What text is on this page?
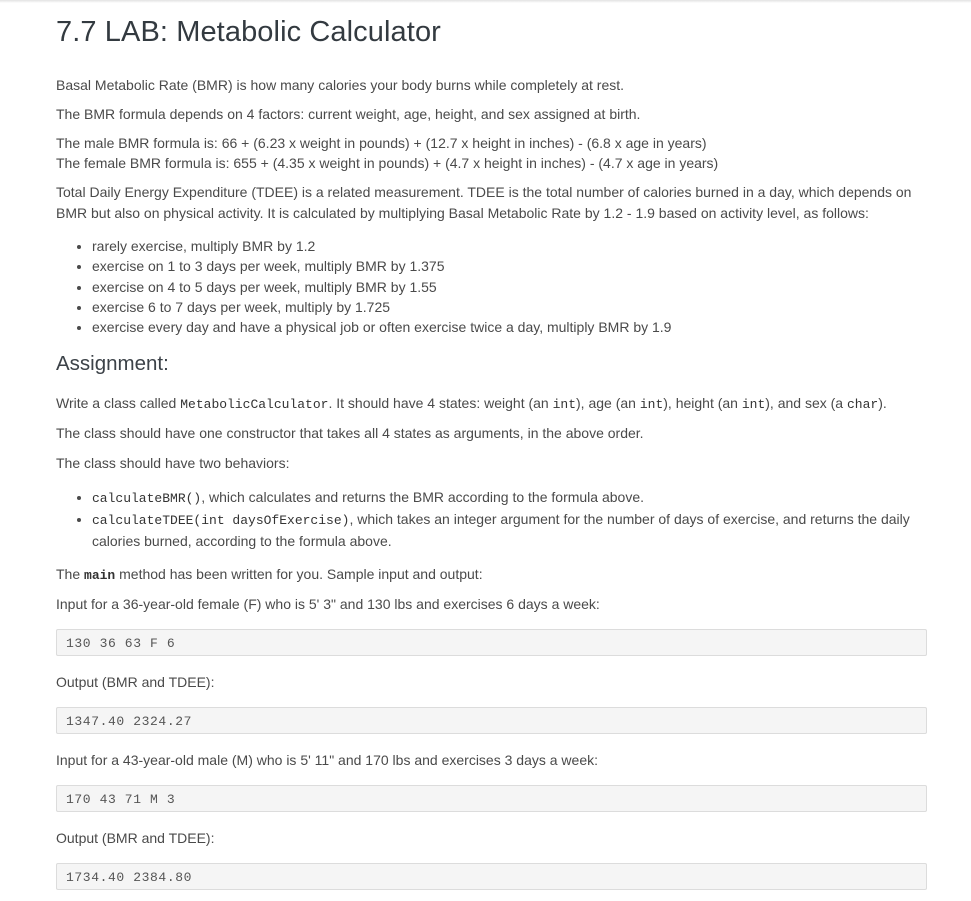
7.7 LAB: Metabolic Calculator

Basal Metabolic Rate (BMR) is how many calories your body burns while completely at rest.

The BMR formula depends on 4 factors: current weight, age, height, and sex assigned at birth.

The male BMR formula is: 66 + (6.23 x weight in pounds) + (12.7 x height in inches) - (6.8 x age in years)

The female BMR formula is: 655 + (4.35 x weight in pounds) + (4.7 x height in inches) - (4.7 x age in years)

Total Daily Energy Expenditure (TDEE) is a related measurement. TDEE is the total number of calories burned in a day, which depends on BMR but also on physical activity. It is calculated by multiplying Basal Metabolic Rate by 1.2 - 1.9 based on activity level, as follows:

• rarely exercise, multiply BMR by 1.2
• exercise on 1 to 3 days per week, multiply BMR by 1.375
• exercise on 4 to 5 days per week, multiply BMR by 1.55
• exercise 6 to 7 days per week, multiply by 1.725
• exercise every day and have a physical job or often exercise twice a day, multiply BMR by 1.9
Assignment:

Write a class called MetabolicCalculator. It should have 4 states: weight (an int), age (an int), height (an int), and sex (a char).

The class should have one constructor that takes all 4 states as arguments, in the above order.

The class should have two behaviors:

• calculateBMR(), which calculates and returns the BMR according to the formula above.
• calculateTDEE(int daysOfExercise), which takes an integer argument for the number of days of exercise, and returns the daily calories burned, according to the formula above.

The main method has been written for you. Sample input and output:

Input for a 36-year-old female (F) who is 5' 3" and 130 lbs and exercises 6 days a week:

130 36 63 F 6

Output (BMR and TDEE):

1347.40 2324.27

Input for a 43-year-old male (M) who is 5' 11" and 170 lbs and exercises 3 days a week:

170 43 71 M 3

Output (BMR and TDEE):

1734.40 2384.80
